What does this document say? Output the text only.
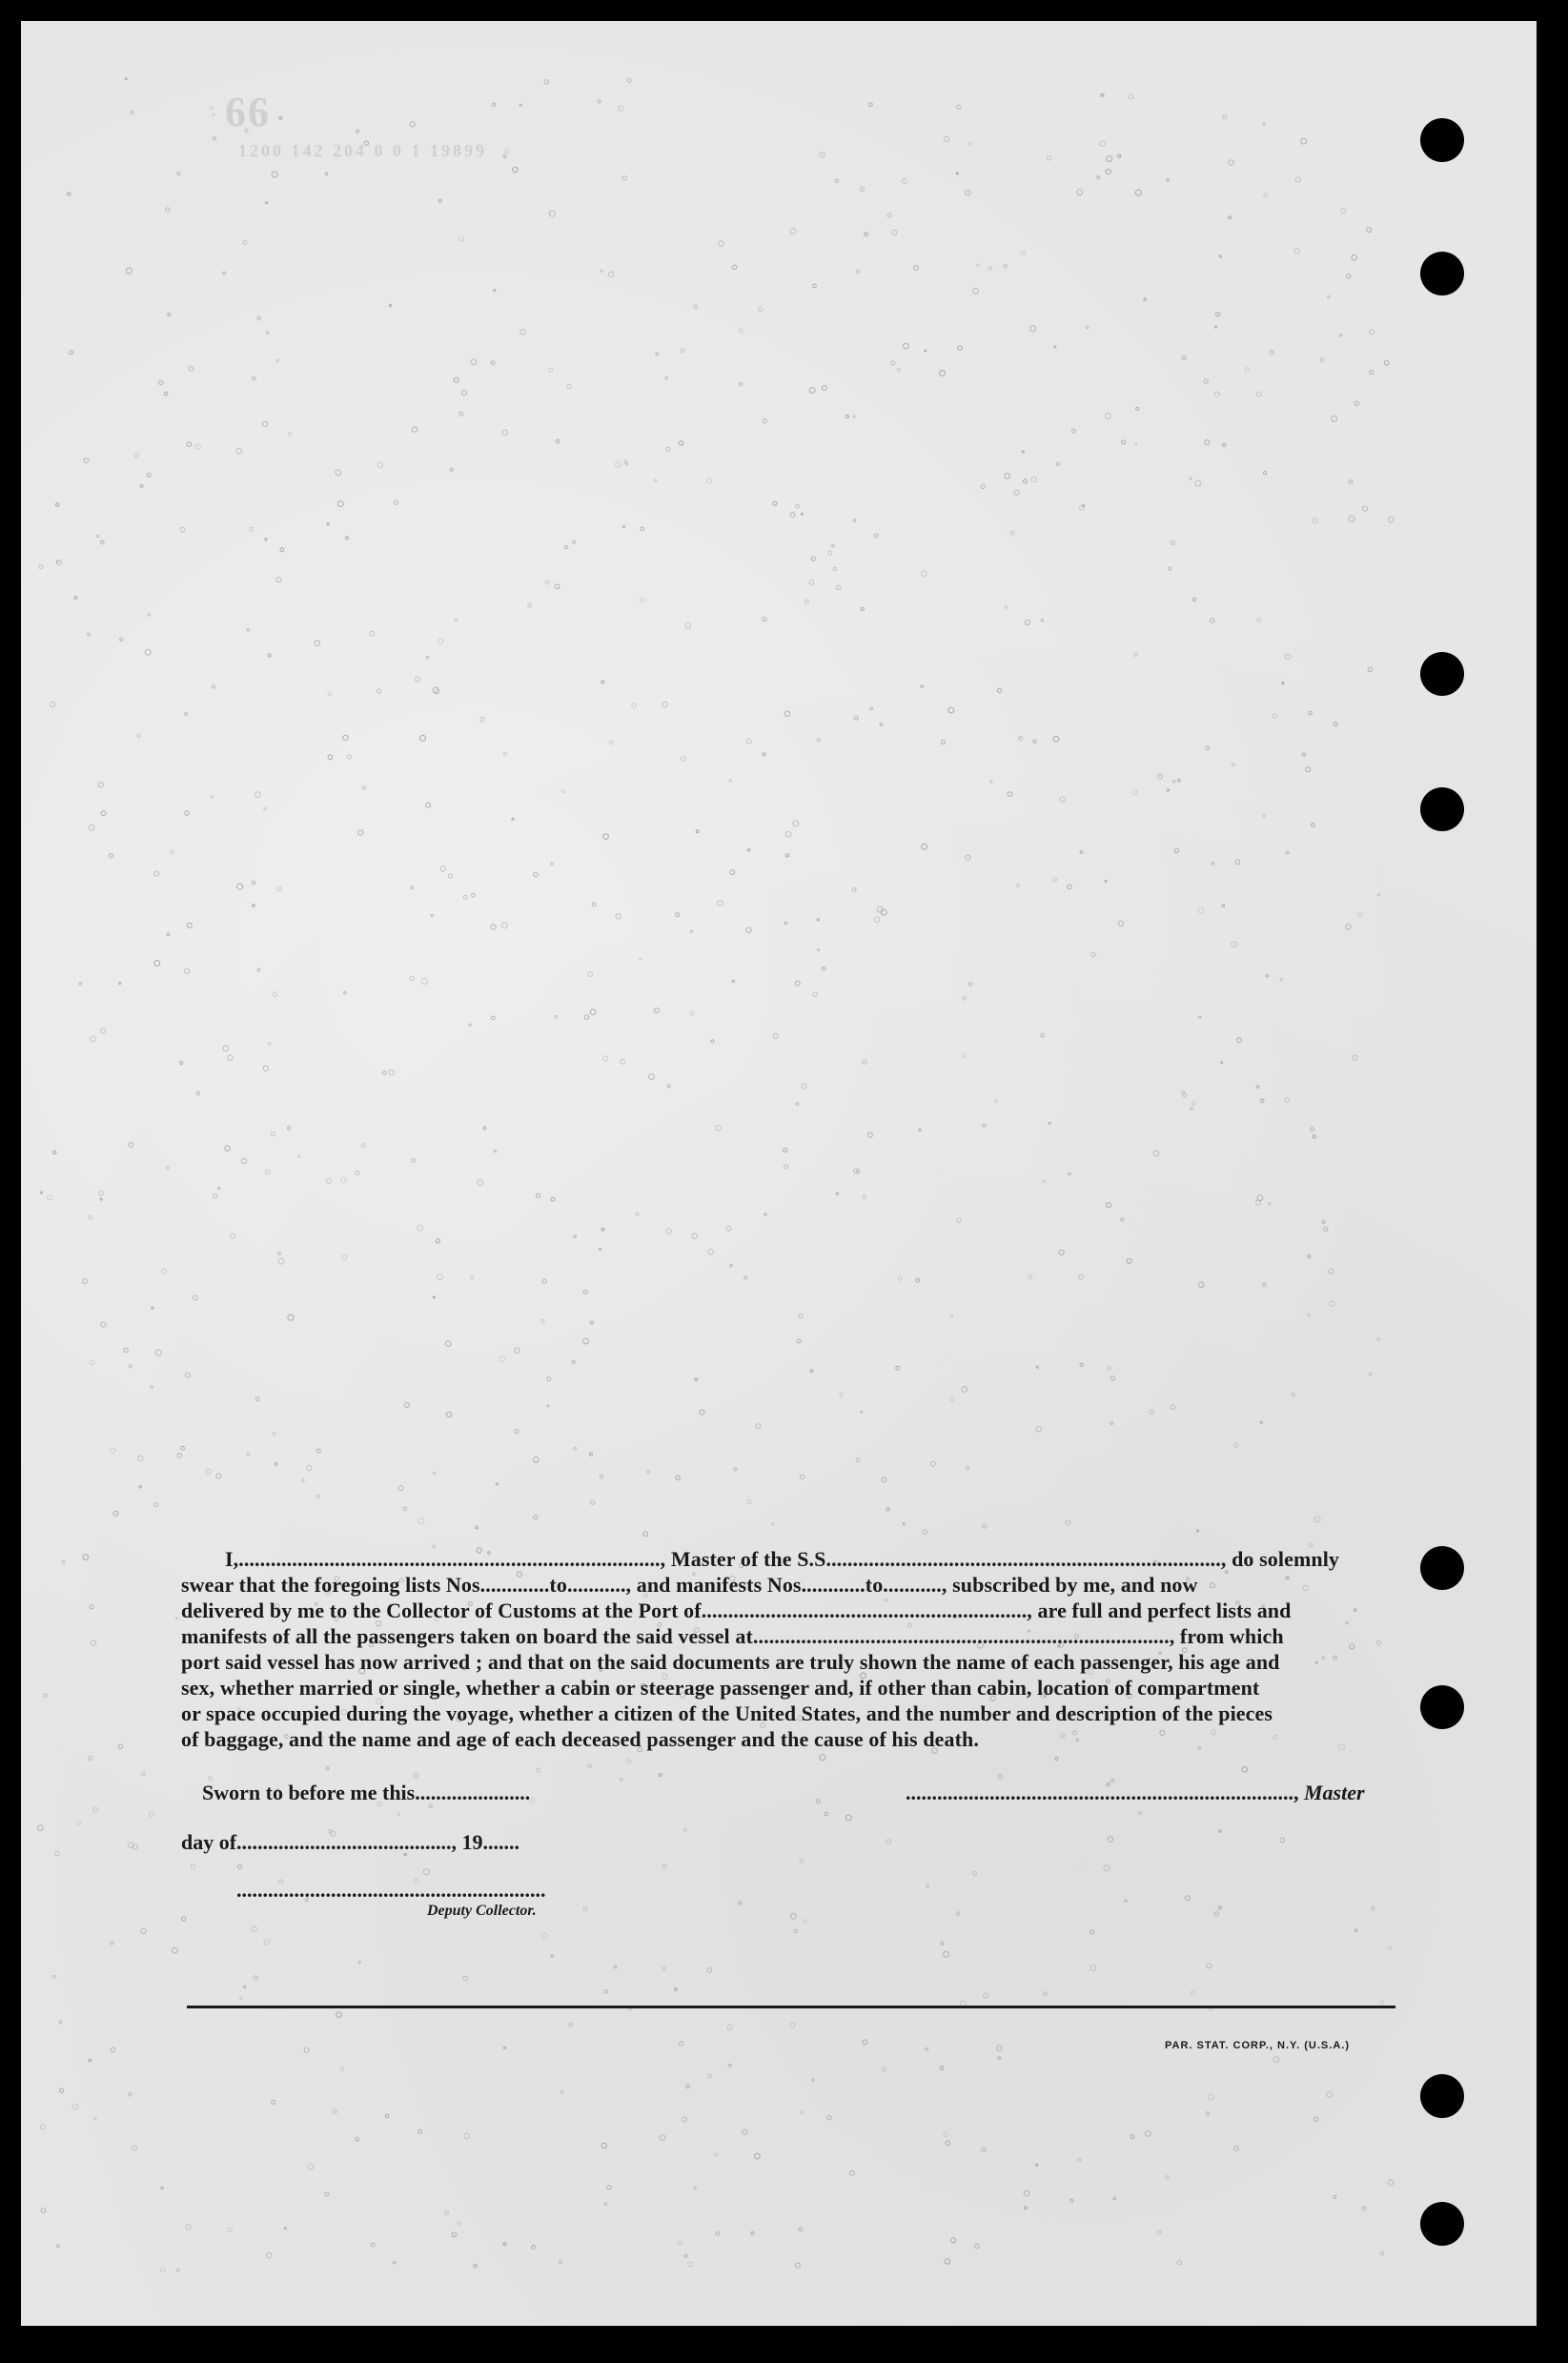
66
1200 142 204 0 0 1 19899

I,..............................................................................., Master of the S.S.........................................................................., do solemnly

swear that the foregoing lists Nos.............to..........., and manifests Nos............to..........., subscribed by me, and now

delivered by me to the Collector of Customs at the Port of............................................................., are full and perfect lists and

manifests of all the passengers taken on board the said vessel at.............................................................................., from which

port said vessel has now arrived ; and that on the said documents are truly shown the name of each passenger, his age and

sex, whether married or single, whether a cabin or steerage passenger and, if other than cabin, location of compartment

or space occupied during the voyage, whether a citizen of the United States, and the number and description of the pieces

of baggage, and the name and age of each deceased passenger and the cause of his death.

Sworn to before me this......................	.........................................................................., Master
day of........................................., 19.......
...........................................................
Deputy Collector.
PAR. STAT. CORP., N.Y. (U.S.A.)
